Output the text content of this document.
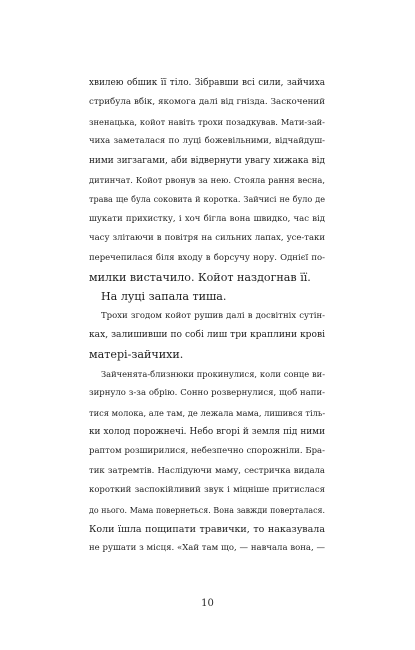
хвилею обшик її тіло. Зібравши всі сили, зайчиха
стрибула вбік, якомога далі від гнізда. Заскочений
зненацька, койот навіть трохи позадкував. Мати-зай-
чиха заметалася по луці божевільними, відчайдуш-
ними зигзагами, аби відвернути увагу хижака від
дитинчат. Койот рвонув за нею. Стояла рання весна,
трава ще була соковита й коротка. Зайчисі не було де
шукати прихистку, і хоч бігла вона швидко, час від
часу злітаючи в повітря на сильних лапах, усе-таки
перечепилася біля входу в борсучу нору. Однієї по-
милки вистачило. Койот наздогнав її.
На луці запала тиша.
Трохи згодом койот рушив далі в досвітніх сутін-
ках, залишивши по собі лиш три краплини крові
матері-зайчихи.
Зайченята-близнюки прокинулися, коли сонце ви-
зирнуло з-за обрію. Сонно розвернулися, щоб напи-
тися молока, але там, де лежала мама, лишився тіль-
ки холод порожнечі. Небо вгорі й земля під ними
раптом розширилися, небезпечно спорожніли. Бра-
тик затремтів. Наслідуючи маму, сестричка видала
короткий заспокійливий звук і міцніше притислася
до нього. Мама повернеться. Вона завжди поверталася.
Коли їшла пощипати травички, то наказувала
не рушати з місця. «Хай там що, — навчала вона, —
10
